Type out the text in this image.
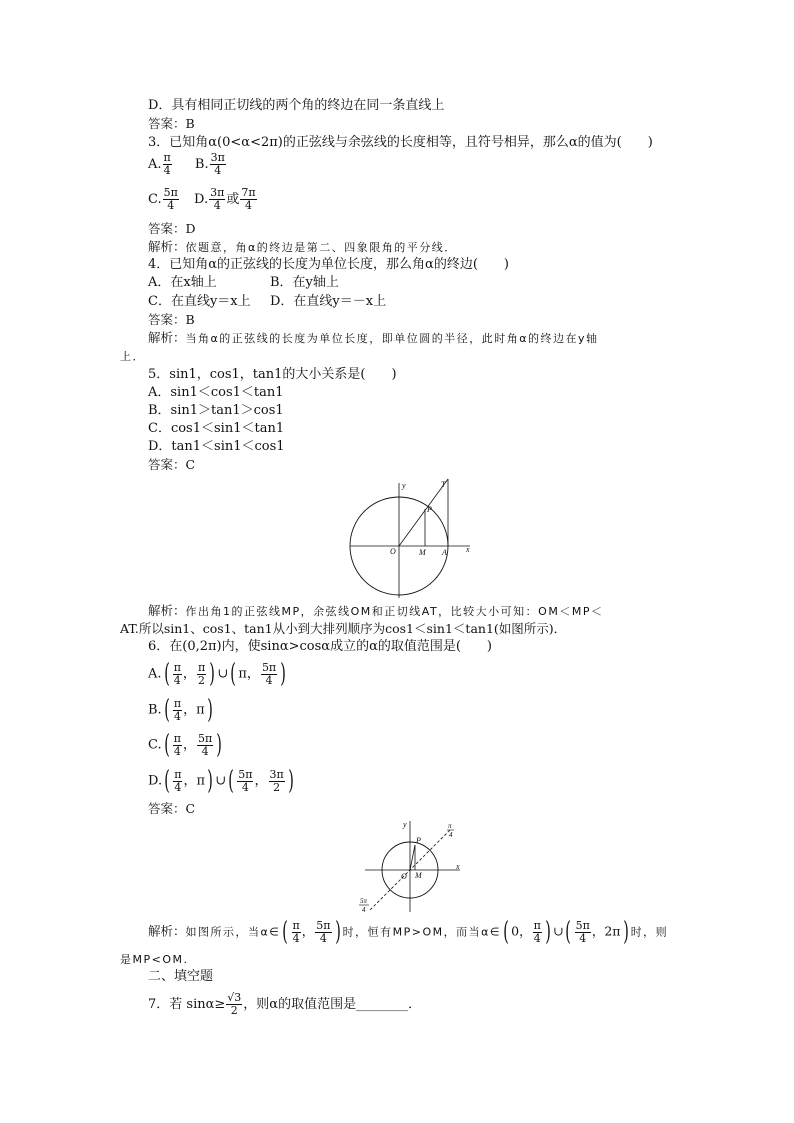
D．具有相同正切线的两个角的终边在同一条直线上
答案：B
3．已知角α(0<α<2π)的正弦线与余弦线的长度相等，且符号相异，那么α的值为(　　)
A. $\frac{\pi}{4} B$. $\frac{3\pi}{4}$
C. $\frac{5\pi}{4} D$. $\frac{3\pi}{4}$ 或 $\frac{7\pi}{4}$
答案：D
解析：依题意，角α的终边是第二、四象限角的平分线．
4．已知角α的正弦线的长度为单位长度，那么角α的终边(　　)
A．在x轴上	B．在y轴上
C．在直线y＝x上 D．在直线y＝－x上
答案：B
解析：当角α的正弦线的长度为单位长度，即单位圆的半径，此时角α的终边在y轴
上．
5．sin1，cos1，tan1的大小关系是(　　)
A．sin1＜cos1＜tan1
B．sin1＞tan1＞cos1
C．cos1＜sin1＜tan1
D．tan1＜sin1＜cos1
答案：C
y
x
O	M A
P
T
解析：作出角1的正弦线MP，余弦线OM和正切线AT，比较大小可知：OM＜MP＜
AT.所以sin1、cos1、tan1从小到大排列顺序为cos1＜sin1＜tan1(如图所示)．
6．在(0,2π)内，使sinα>cosα成立的α的取值范围是(　　)
$A.( \frac{\pi}{4}$ ， $\frac{\pi}{2}$ ) ∪( π， $\frac{5\pi}{4}$ )
$B.( \frac{\pi}{4}$ ，π)
$C.( \frac{\pi}{4}$ ， $\frac{5\pi}{4}$ )
$D.( \frac{\pi}{4}$ ，π) ∪( $\frac{5\pi}{4}$ ， $\frac{3\pi}{2}$ )
答案：C
y
x
O M
P
π
4
5π
4
解析：如图所示，当α∈( $\frac{\pi}{4}$ ， $\frac{5\pi}{4}$ ) 时，恒有MP>OM，而当α∈( 0， $\frac{\pi}{4}$ ) ∪( $\frac{5\pi}{4}$ ，2π) 时，则
是MP<OM.
二、填空题
7．若 $\sin\alpha\ge \frac{√3}{2}$ ，则α的取值范围是________．
